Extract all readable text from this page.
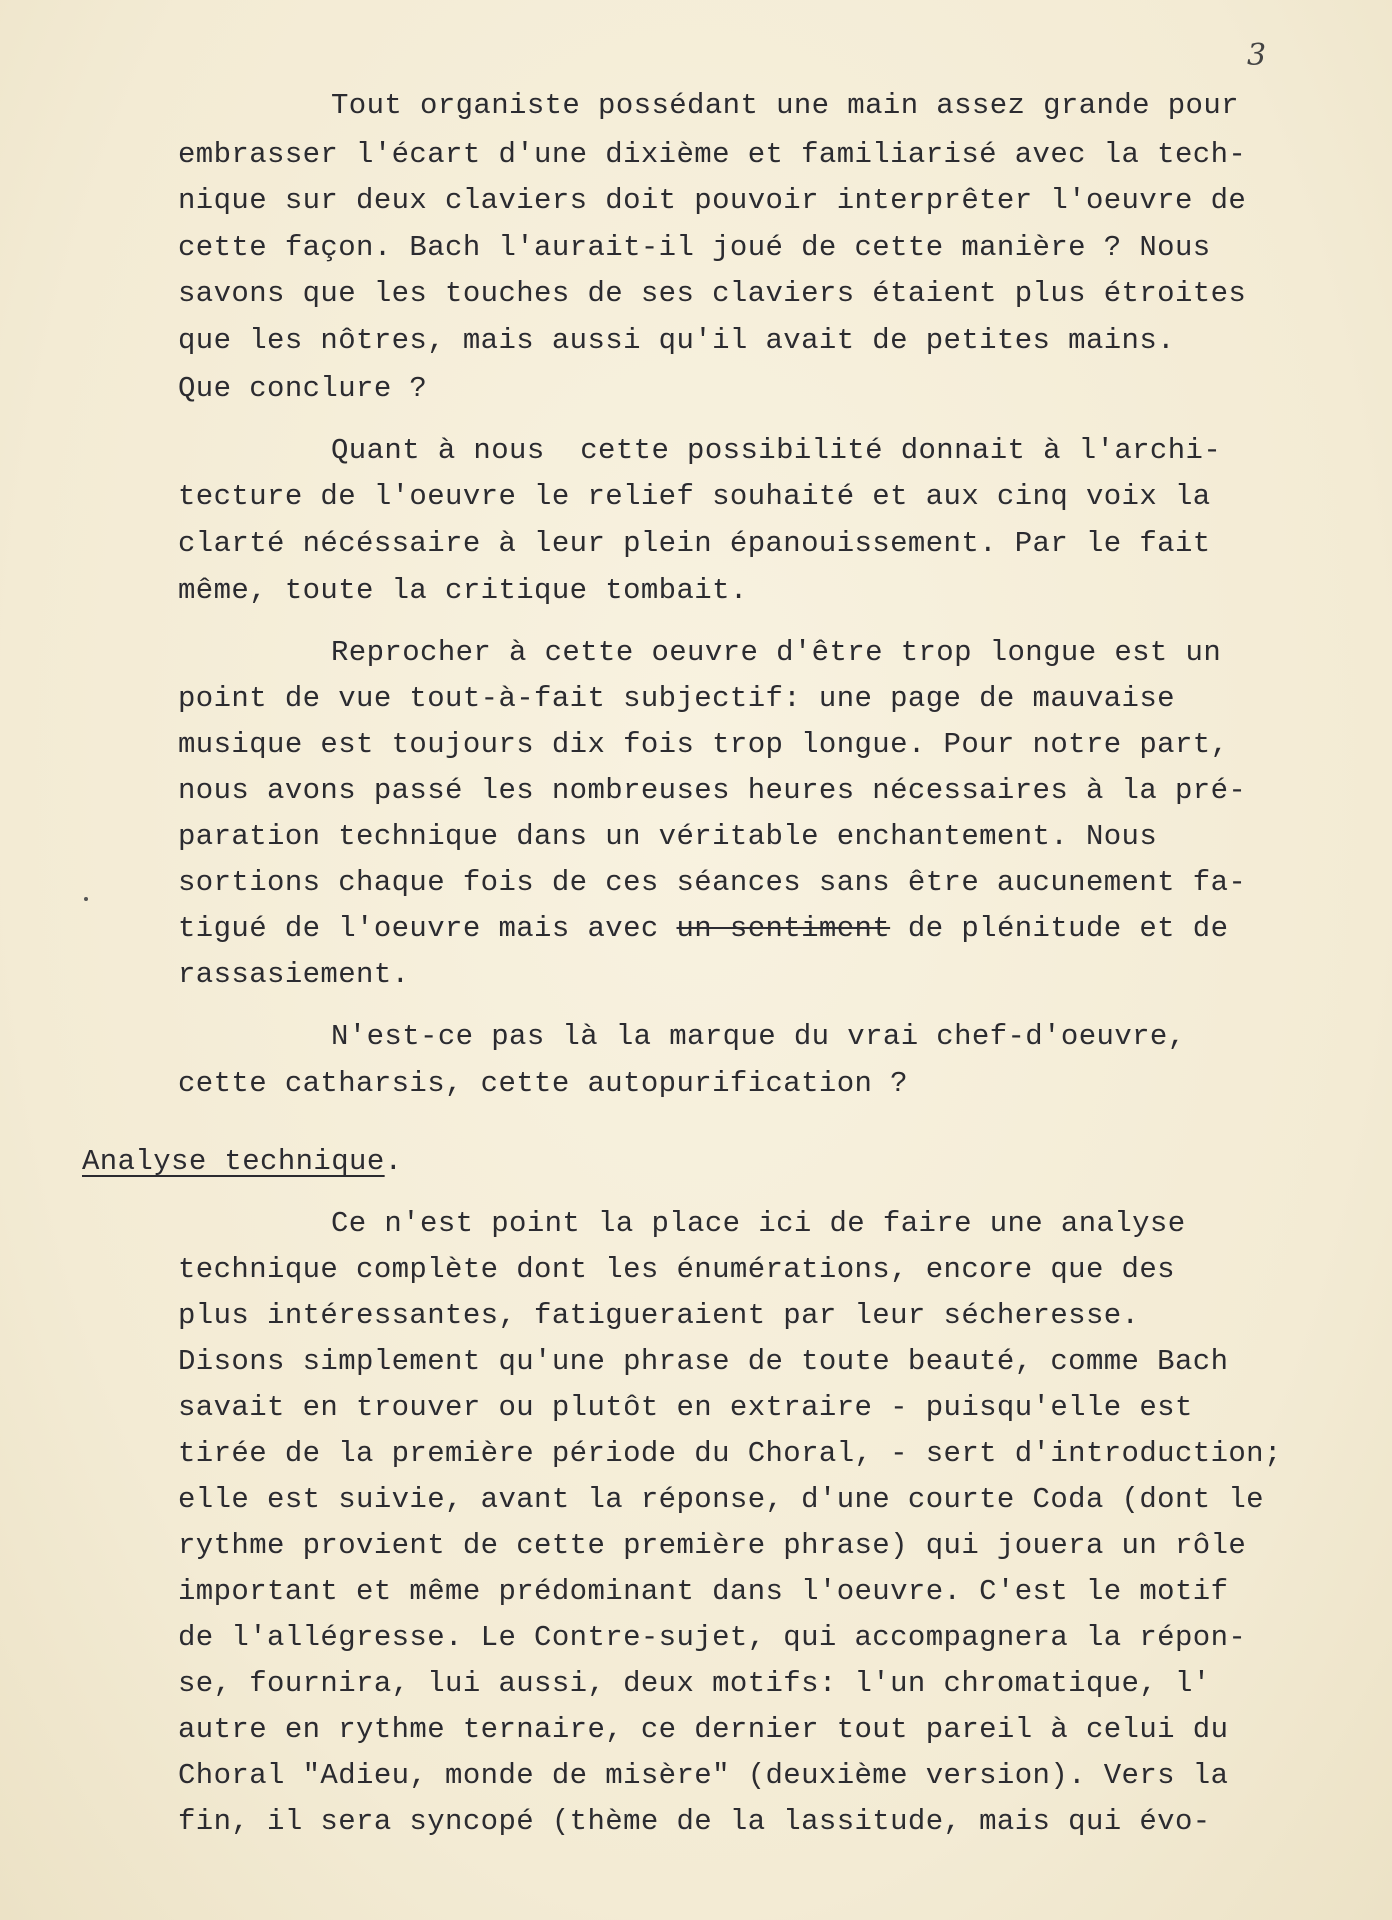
3
Tout organiste possédant une main assez grande pour
embrasser l'écart d'une dixième et familiarisé avec la tech-
nique sur deux claviers doit pouvoir interprêter l'oeuvre de
cette façon. Bach l'aurait-il joué de cette manière ? Nous
savons que les touches de ses claviers étaient plus étroites
que les nôtres, mais aussi qu'il avait de petites mains.
Que conclure ?
Quant à nous  cette possibilité donnait à l'archi-
tecture de l'oeuvre le relief souhaité et aux cinq voix la
clarté nécéssaire à leur plein épanouissement. Par le fait
même, toute la critique tombait.
Reprocher à cette oeuvre d'être trop longue est un
point de vue tout-à-fait subjectif: une page de mauvaise
musique est toujours dix fois trop longue. Pour notre part,
nous avons passé les nombreuses heures nécessaires à la pré-
paration technique dans un véritable enchantement. Nous
sortions chaque fois de ces séances sans être aucunement fa-
tigué de l'oeuvre mais avec un sentiment de plénitude et de
rassasiement.
N'est-ce pas là la marque du vrai chef-d'oeuvre,
cette catharsis, cette autopurification ?
Analyse technique.
Ce n'est point la place ici de faire une analyse
technique complète dont les énumérations, encore que des
plus intéressantes, fatigueraient par leur sécheresse.
Disons simplement qu'une phrase de toute beauté, comme Bach
savait en trouver ou plutôt en extraire - puisqu'elle est
tirée de la première période du Choral, - sert d'introduction;
elle est suivie, avant la réponse, d'une courte Coda (dont le
rythme provient de cette première phrase) qui jouera un rôle
important et même prédominant dans l'oeuvre. C'est le motif
de l'allégresse. Le Contre-sujet, qui accompagnera la répon-
se, fournira, lui aussi, deux motifs: l'un chromatique, l'
autre en rythme ternaire, ce dernier tout pareil à celui du
Choral "Adieu, monde de misère" (deuxième version). Vers la
fin, il sera syncopé (thème de la lassitude, mais qui évo-
